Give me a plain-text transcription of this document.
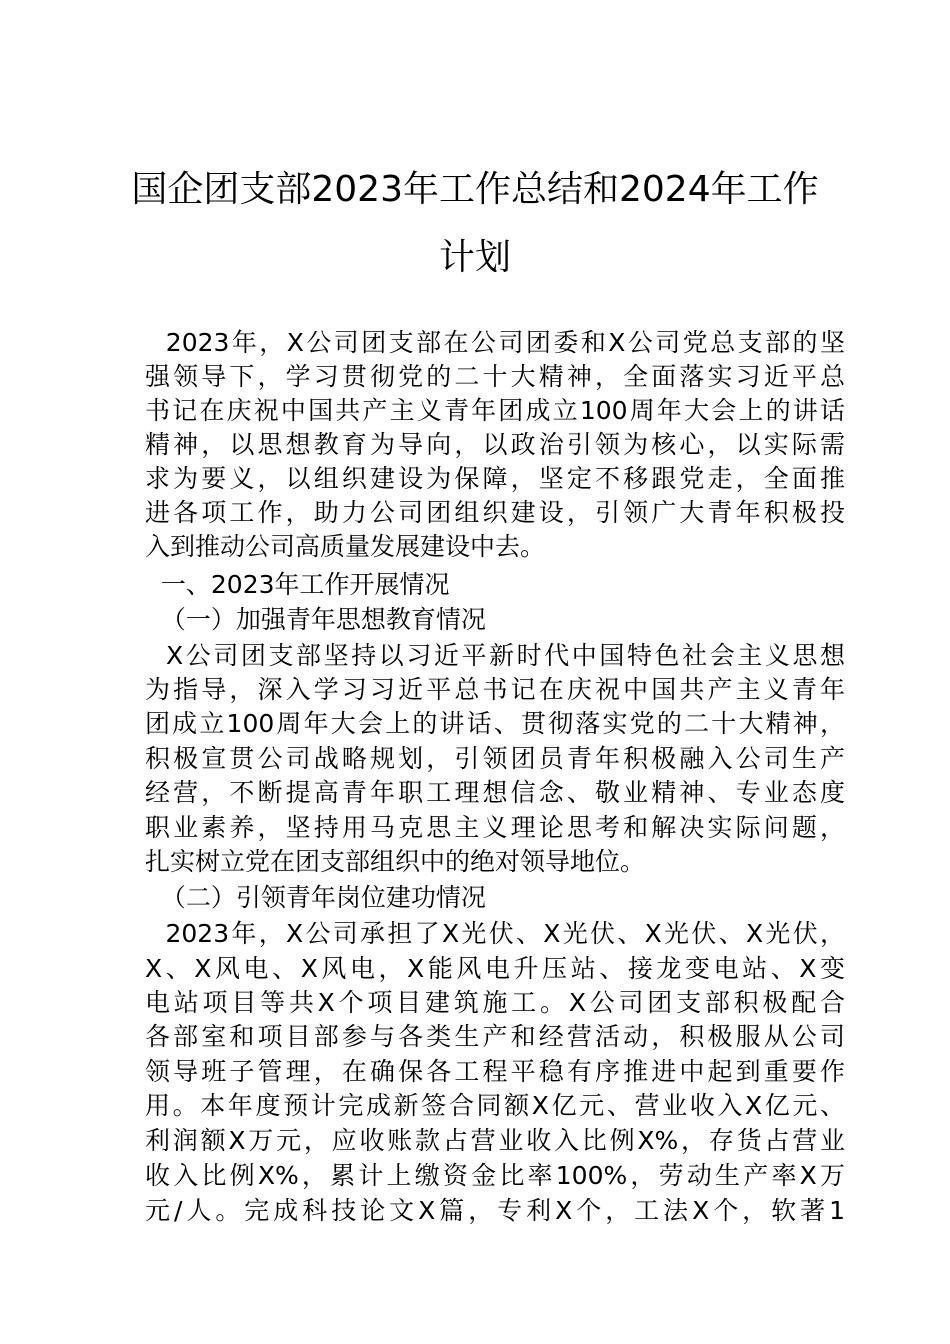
国企团支部2023年工作总结和2024年工作
计划
2023年，X公司团支部在公司团委和X公司党总支部的坚
强领导下，学习贯彻党的二十大精神，全面落实习近平总
书记在庆祝中国共产主义青年团成立100周年大会上的讲话
精神，以思想教育为导向，以政治引领为核心，以实际需
求为要义，以组织建设为保障，坚定不移跟党走，全面推
进各项工作，助力公司团组织建设，引领广大青年积极投
入到推动公司高质量发展建设中去。
一、2023年工作开展情况
（一）加强青年思想教育情况
X公司团支部坚持以习近平新时代中国特色社会主义思想
为指导，深入学习习近平总书记在庆祝中国共产主义青年
团成立100周年大会上的讲话、贯彻落实党的二十大精神，
积极宣贯公司战略规划，引领团员青年积极融入公司生产
经营，不断提高青年职工理想信念、敬业精神、专业态度
职业素养，坚持用马克思主义理论思考和解决实际问题，
扎实树立党在团支部组织中的绝对领导地位。
（二）引领青年岗位建功情况
2023年，X公司承担了X光伏、X光伏、X光伏、X光伏，
X、X风电、X风电，X能风电升压站、接龙变电站、X变
电站项目等共X个项目建筑施工。X公司团支部积极配合
各部室和项目部参与各类生产和经营活动，积极服从公司
领导班子管理，在确保各工程平稳有序推进中起到重要作
用。本年度预计完成新签合同额X亿元、营业收入X亿元、
利润额X万元，应收账款占营业收入比例X%，存货占营业
收入比例X%，累计上缴资金比率100%，劳动生产率X万
元/人。完成科技论文X篇，专利X个，工法X个，软著1
